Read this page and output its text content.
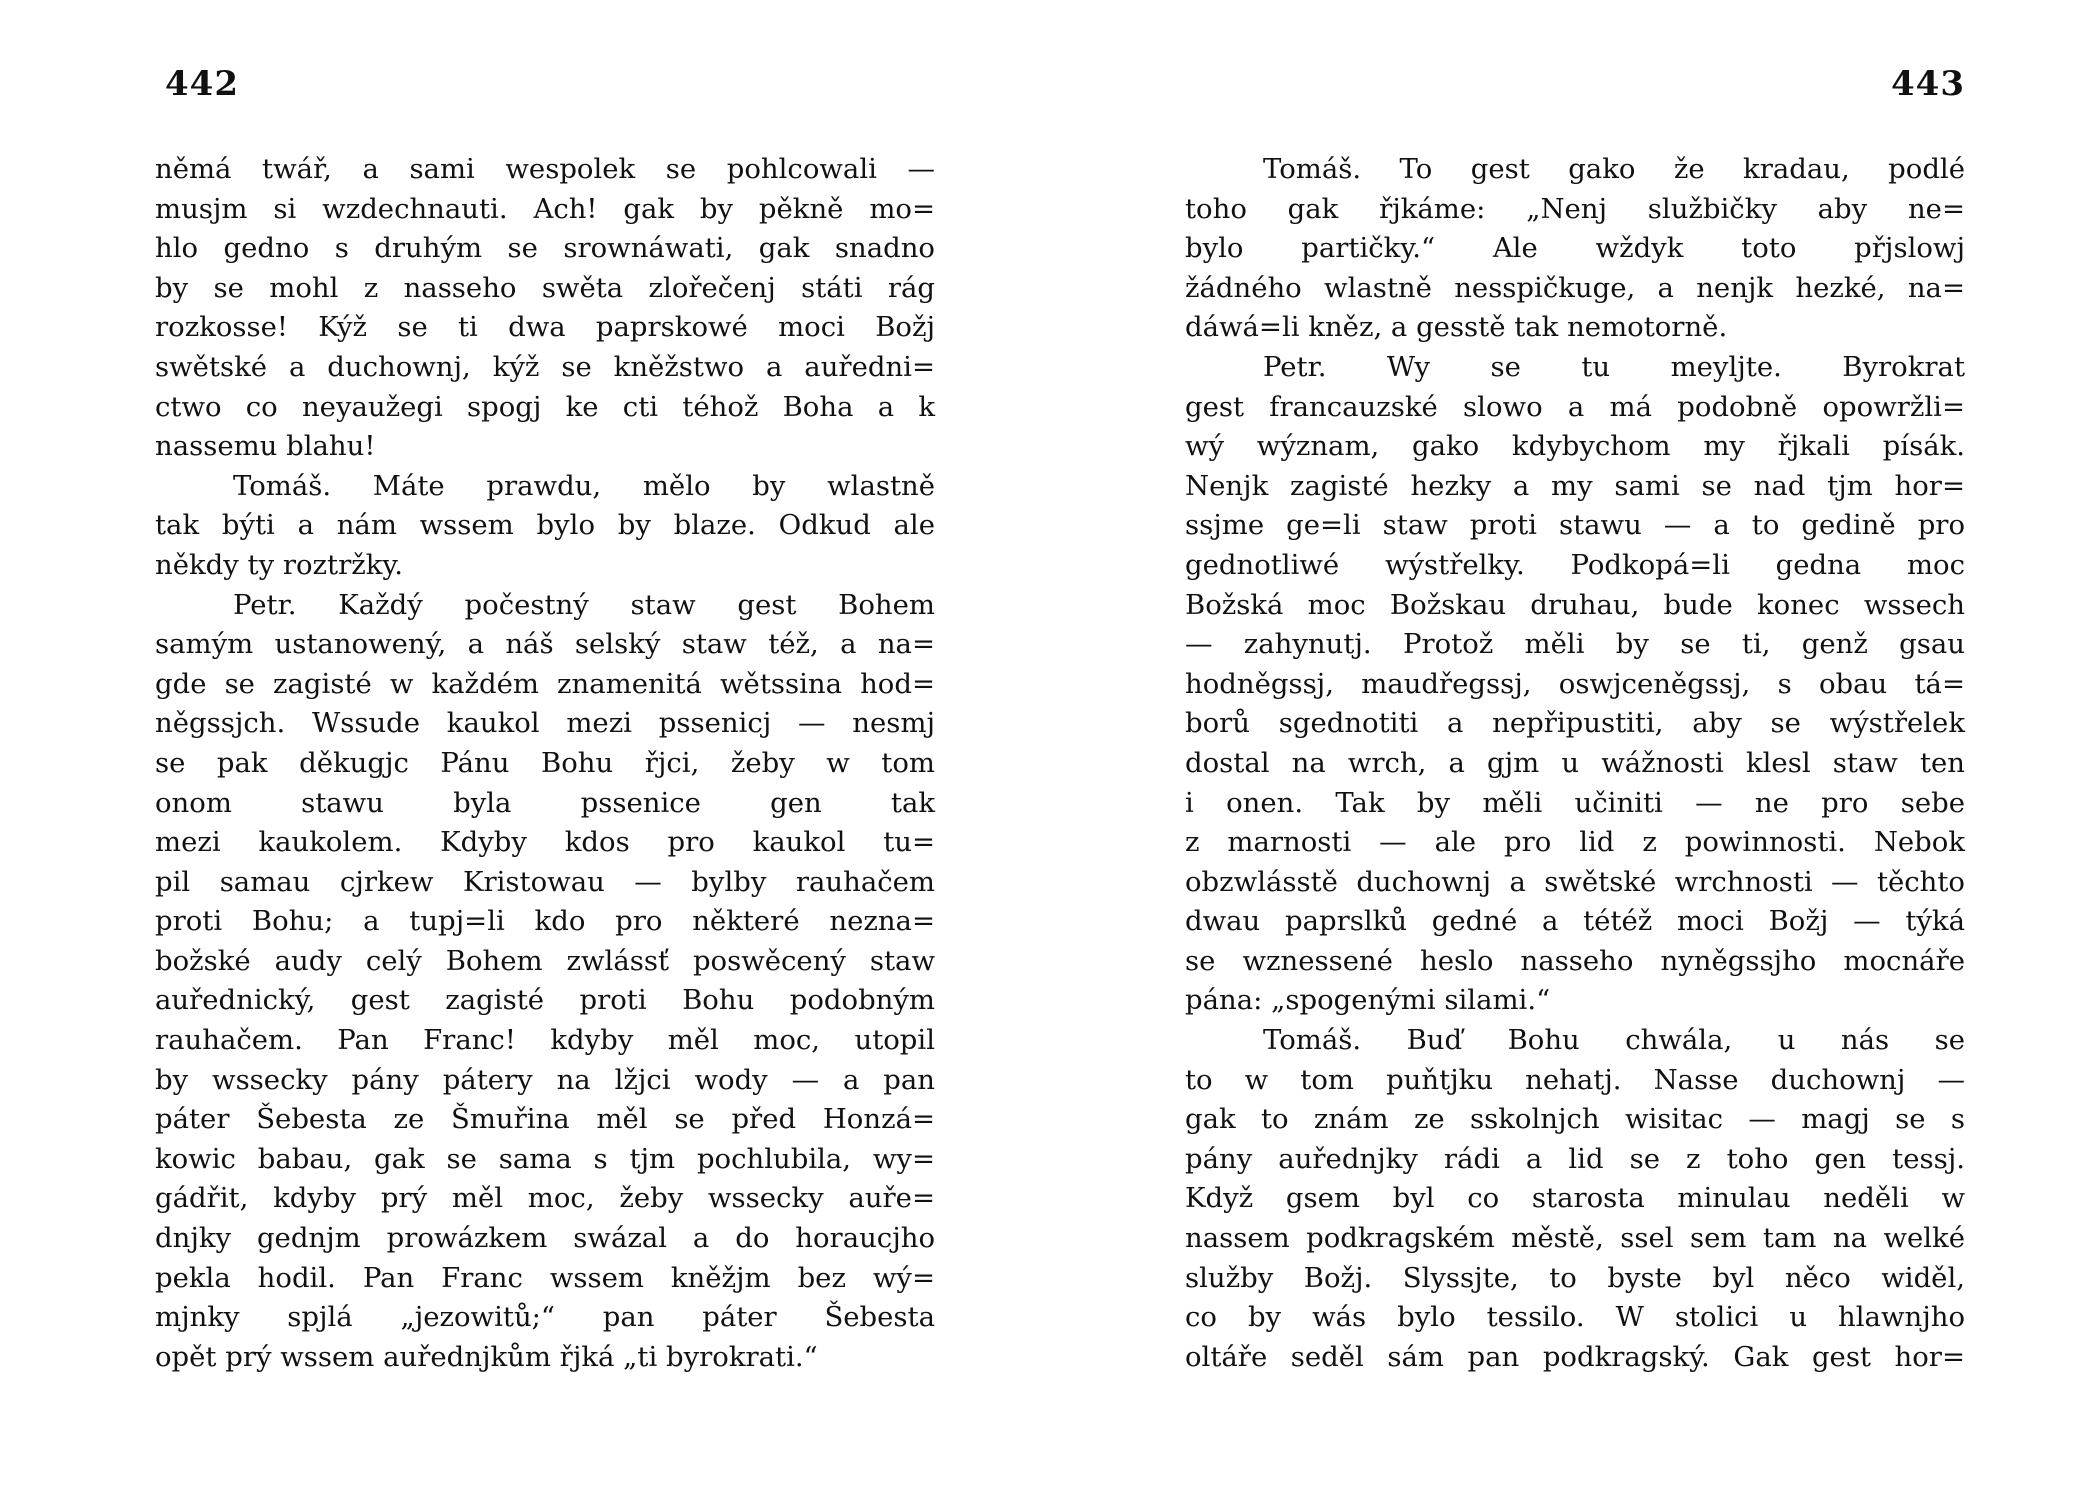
442
němá twář, a sami wespolek se pohlcowali —
musjm si wzdechnauti. Ach! gak by pěkně mo=
hlo gedno s druhým se srownáwati, gak snadno
by se mohl z nasseho swěta zlořečenj státi rág
rozkosse! Kýž se ti dwa paprskowé moci Božj
swětské a duchownj, kýž se kněžstwo a auředni=
ctwo co neyaužegi spogj ke cti téhož Boha a k
nassemu blahu!
Tomáš. Máte prawdu, mělo by wlastně
tak býti a nám wssem bylo by blaze. Odkud ale
někdy ty roztržky.
Petr. Každý počestný staw gest Bohem
samým ustanowený, a náš selský staw též, a na=
gde se zagisté w každém znamenitá wětssina hod=
něgssjch. Wssude kaukol mezi pssenicj — nesmj
se pak děkugjc Pánu Bohu řjci, žeby w tom
onom stawu byla pssenice gen tak
mezi kaukolem. Kdyby kdos pro kaukol tu=
pil samau cjrkew Kristowau — bylby rauhačem
proti Bohu; a tupj=li kdo pro některé nezna=
božské audy celý Bohem zwlássť poswěcený staw
auřednický, gest zagisté proti Bohu podobným
rauhačem. Pan Franc! kdyby měl moc, utopil
by wssecky pány pátery na lžjci wody — a pan
páter Šebesta ze Šmuřina měl se před Honzá=
kowic babau, gak se sama s tjm pochlubila, wy=
gádřit, kdyby prý měl moc, žeby wssecky auře=
dnjky gednjm prowázkem swázal a do horaucjho
pekla hodil. Pan Franc wssem kněžjm bez wý=
mjnky spjlá „jezowitů;“ pan páter Šebesta
opět prý wssem auřednjkům řjká „ti byrokrati.“
443
Tomáš. To gest gako že kradau, podlé
toho gak řjkáme: „Nenj službičky aby ne=
bylo partičky.“ Ale wždyk toto přjslowj
žádného wlastně nesspičkuge, a nenjk hezké, na=
dáwá=li kněz, a gesstě tak nemotorně.
Petr. Wy se tu meyljte. Byrokrat
gest francauzské slowo a má podobně opowržli=
wý wýznam, gako kdybychom my řjkali písák.
Nenjk zagisté hezky a my sami se nad tjm hor=
ssjme ge=li staw proti stawu — a to gedině pro
gednotliwé wýstřelky. Podkopá=li gedna moc
Božská moc Božskau druhau, bude konec wssech
— zahynutj. Protož měli by se ti, genž gsau
hodněgssj, maudřegssj, oswjceněgssj, s obau tá=
borů sgednotiti a nepřipustiti, aby se wýstřelek
dostal na wrch, a gjm u wážnosti klesl staw ten
i onen. Tak by měli učiniti — ne pro sebe
z marnosti — ale pro lid z powinnosti. Nebok
obzwlásstě duchownj a swětské wrchnosti — těchto
dwau paprslků gedné a tétéž moci Božj — týká
se wznessené heslo nasseho nyněgssjho mocnáře
pána: „spogenými silami.“
Tomáš. Buď Bohu chwála, u nás se
to w tom puňtjku nehatj. Nasse duchownj —
gak to znám ze sskolnjch wisitac — magj se s
pány auřednjky rádi a lid se z toho gen tessj.
Když gsem byl co starosta minulau neděli w
nassem podkragském městě, ssel sem tam na welké
služby Božj. Slyssjte, to byste byl něco widěl,
co by wás bylo tessilo. W stolici u hlawnjho
oltáře seděl sám pan podkragský. Gak gest hor=
